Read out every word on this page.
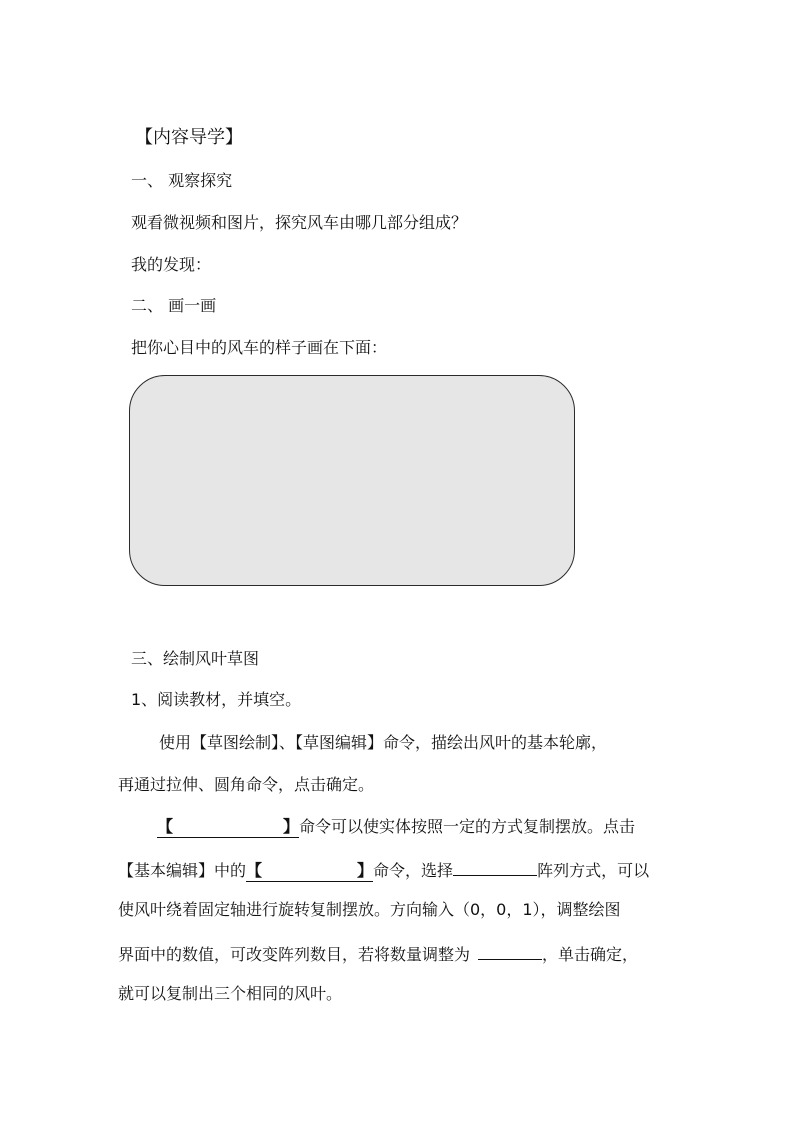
【内容导学】
一、 观察探究
观看微视频和图片，探究风车由哪几部分组成？
我的发现：
二、 画一画
把你心目中的风车的样子画在下面：
三、绘制风叶草图
1、阅读教材，并填空。
使用【草图绘制】、【草图编辑】命令，描绘出风叶的基本轮廓，
再通过拉伸、圆角命令，点击确定。
【	】命令可以使实体按照一定的方式复制摆放。点击
【基本编辑】中的【	】命令，选择	阵列方式，可以
使风叶绕着固定轴进行旋转复制摆放。方向输入（0，0，1），调整绘图
界面中的数值，可改变阵列数目，若将数量调整为	，单击确定，
就可以复制出三个相同的风叶。
